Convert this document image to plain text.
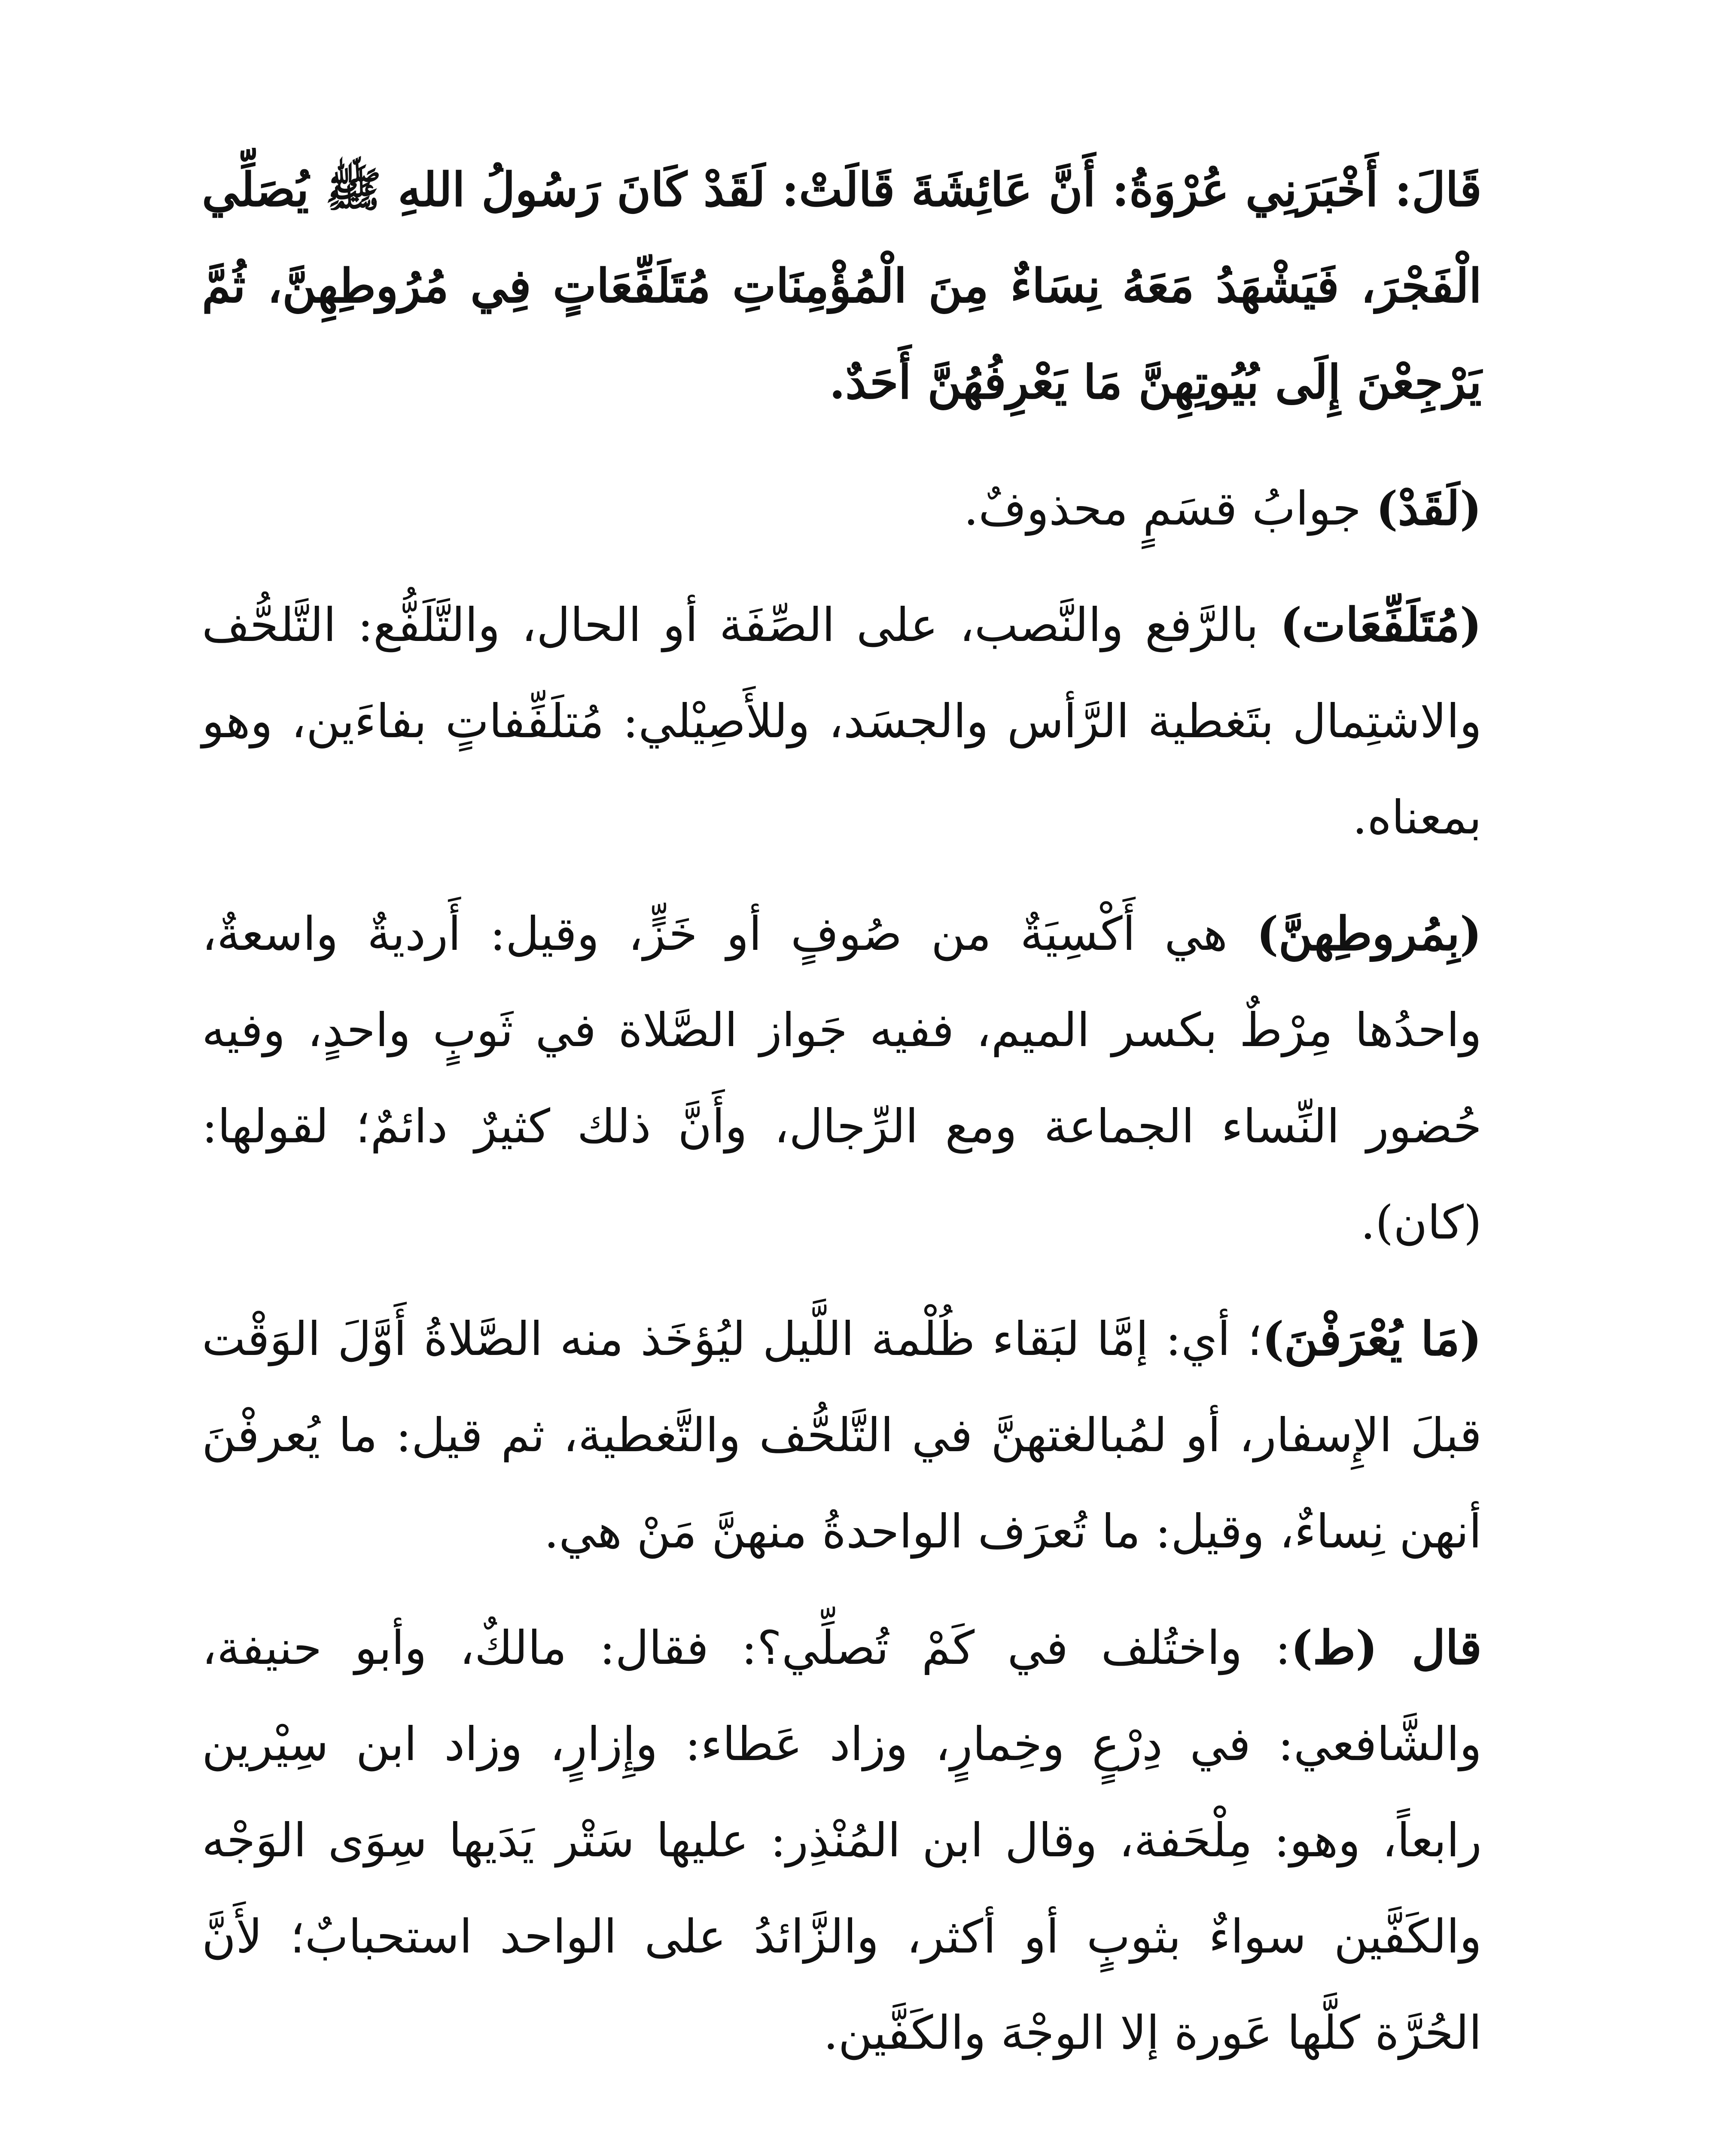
قَالَ: أَخْبَرَنِي عُرْوَةُ: أَنَّ عَائِشَةَ قَالَتْ: لَقَدْ كَانَ رَسُولُ اللهِ ﷺ يُصَلِّي الْفَجْرَ، فَيَشْهَدُ مَعَهُ نِسَاءٌ مِنَ الْمُؤْمِنَاتِ مُتَلَفِّعَاتٍ فِي مُرُوطِهِنَّ، ثُمَّ يَرْجِعْنَ إِلَى بُيُوتِهِنَّ مَا يَعْرِفُهُنَّ أَحَدٌ.

(لَقَدْ) جوابُ قسَمٍ محذوفٌ.

(مُتَلَفِّعَات) بالرَّفع والنَّصب، على الصِّفَة أو الحال، والتَّلَفُّع: التَّلحُّف والاشتِمال بتَغطية الرَّأس والجسَد، وللأَصِيْلي: مُتلَفِّفاتٍ بفاءَين، وهو بمعناه.

(بِمُروطِهنَّ) هي أَكْسِيَةٌ من صُوفٍ أو خَزٍّ، وقيل: أَرديةٌ واسعةٌ، واحدُها مِرْطٌ بكسر الميم، ففيه جَواز الصَّلاة في ثَوبٍ واحدٍ، وفيه حُضور النِّساء الجماعة ومع الرِّجال، وأَنَّ ذلك كثيرٌ دائمٌ؛ لقولها: (كان).

(مَا يُعْرَفْنَ)؛ أي: إمَّا لبَقاء ظُلْمة اللَّيل ليُؤخَذ منه الصَّلاةُ أَوَّلَ الوَقْت قبلَ الإِسفار، أو لمُبالغتهنَّ في التَّلحُّف والتَّغطية، ثم قيل: ما يُعرفْنَ أنهن نِساءٌ، وقيل: ما تُعرَف الواحدةُ منهنَّ مَنْ هي.

قال (ط): واختُلف في كَمْ تُصلِّي؟: فقال: مالكٌ، وأبو حنيفة، والشَّافعي: في دِرْعٍ وخِمارٍ، وزاد عَطاء: وإِزارٍ، وزاد ابن سِيْرين رابعاً، وهو: مِلْحَفة، وقال ابن المُنْذِر: عليها سَتْر يَدَيها سِوَى الوَجْه والكَفَّين سواءٌ بثوبٍ أو أكثر، والزَّائدُ على الواحد استحبابٌ؛ لأَنَّ الحُرَّة كلَّها عَورة إلا الوجْهَ والكَفَّين.
